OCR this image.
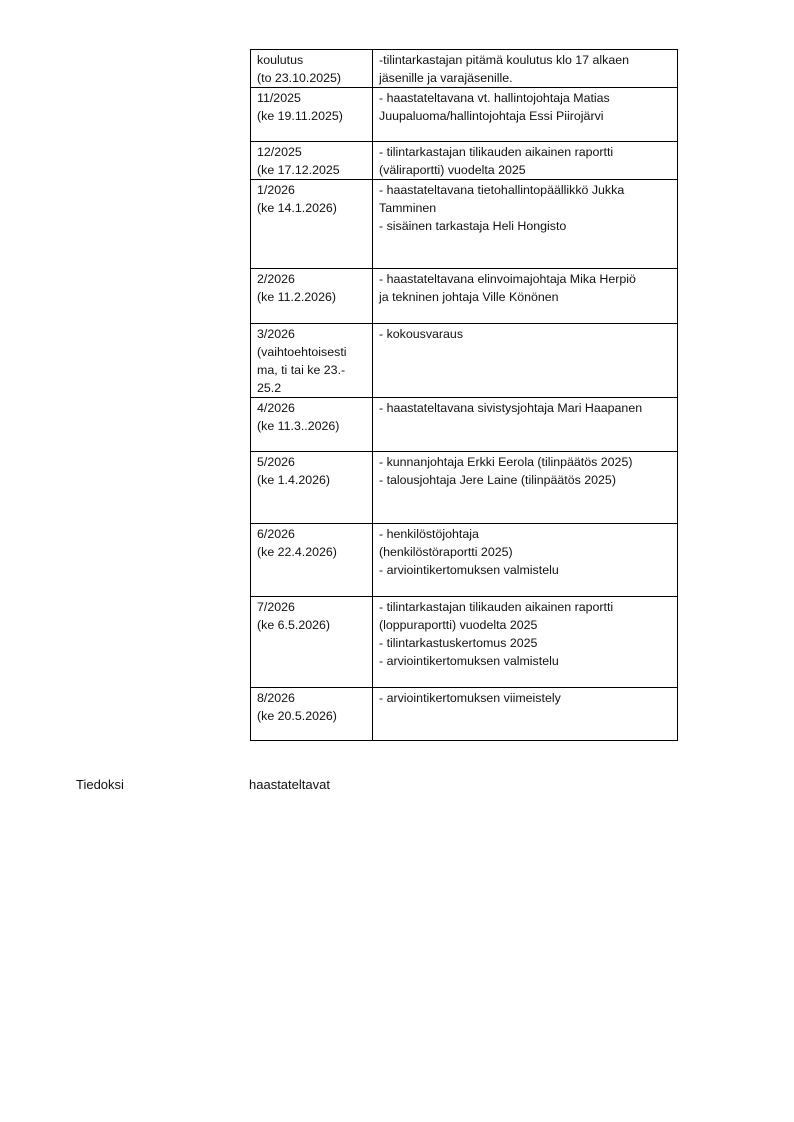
koulutus
(to 23.10.2025)	-tilintarkastajan pitämä koulutus klo 17 alkaen
jäsenille ja varajäsenille.

11/2025
(ke 19.11.2025)	- haastateltavana vt. hallintojohtaja Matias
Juupaluoma/hallintojohtaja Essi Piirojärvi

12/2025
(ke 17.12.2025	- tilintarkastajan tilikauden aikainen raportti
(väliraportti) vuodelta 2025

1/2026
(ke 14.1.2026)	- haastateltavana tietohallintopäällikkö Jukka
Tamminen
- sisäinen tarkastaja Heli Hongisto

2/2026
(ke 11.2.2026)	- haastateltavana elinvoimajohtaja Mika Herpiö
ja tekninen johtaja Ville Könönen

3/2026
(vaihtoehtoisesti
ma, ti tai ke 23.-
25.2	- kokousvaraus

4/2026
(ke 11.3..2026)	- haastateltavana sivistysjohtaja Mari Haapanen

5/2026
(ke 1.4.2026)	- kunnanjohtaja Erkki Eerola (tilinpäätös 2025)
- talousjohtaja Jere Laine (tilinpäätös 2025)

6/2026
(ke 22.4.2026)	- henkilöstöjohtaja
(henkilöstöraportti 2025)
- arviointikertomuksen valmistelu

7/2026
(ke 6.5.2026)	- tilintarkastajan tilikauden aikainen raportti
(loppuraportti) vuodelta 2025
- tilintarkastuskertomus 2025
- arviointikertomuksen valmistelu

8/2026
(ke 20.5.2026)	- arviointikertomuksen viimeistely
Tiedoksi	haastateltavat
